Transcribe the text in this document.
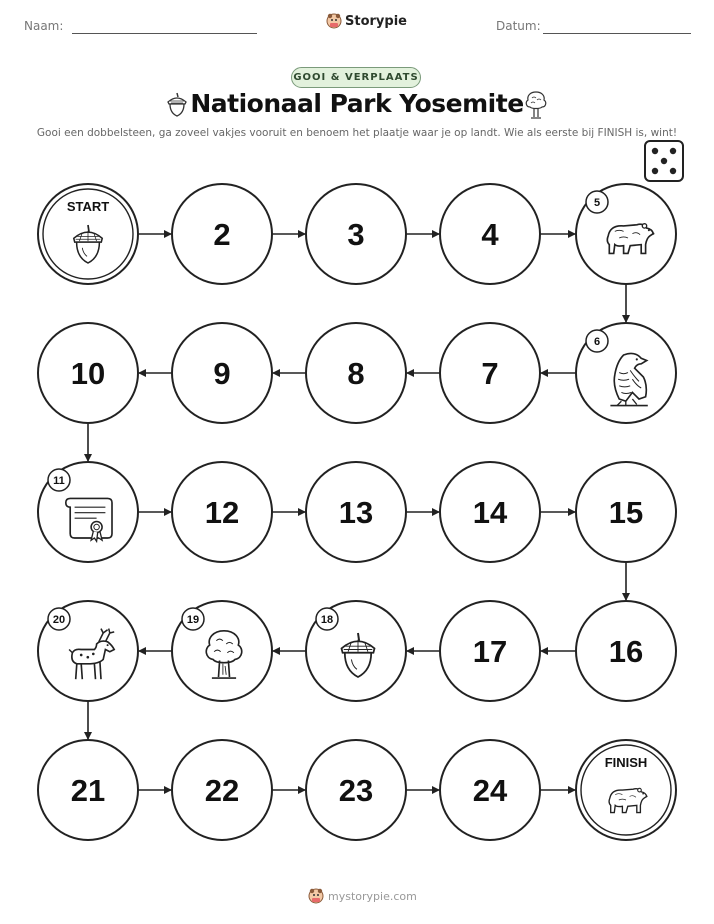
Naam:	Storypie	Datum:
GOOI & VERPLAATS
Nationaal Park Yosemite
Gooi een dobbelsteen, ga zoveel vakjes vooruit en benoem het plaatje waar je op landt. Wie als eerste bij FINISH is, wint!
START
2	3	4
5
6
7
8
9
10
11
12	13	14	15
16
17
18
19
20
21	22	23	24
FINISH
mystorypie.com
